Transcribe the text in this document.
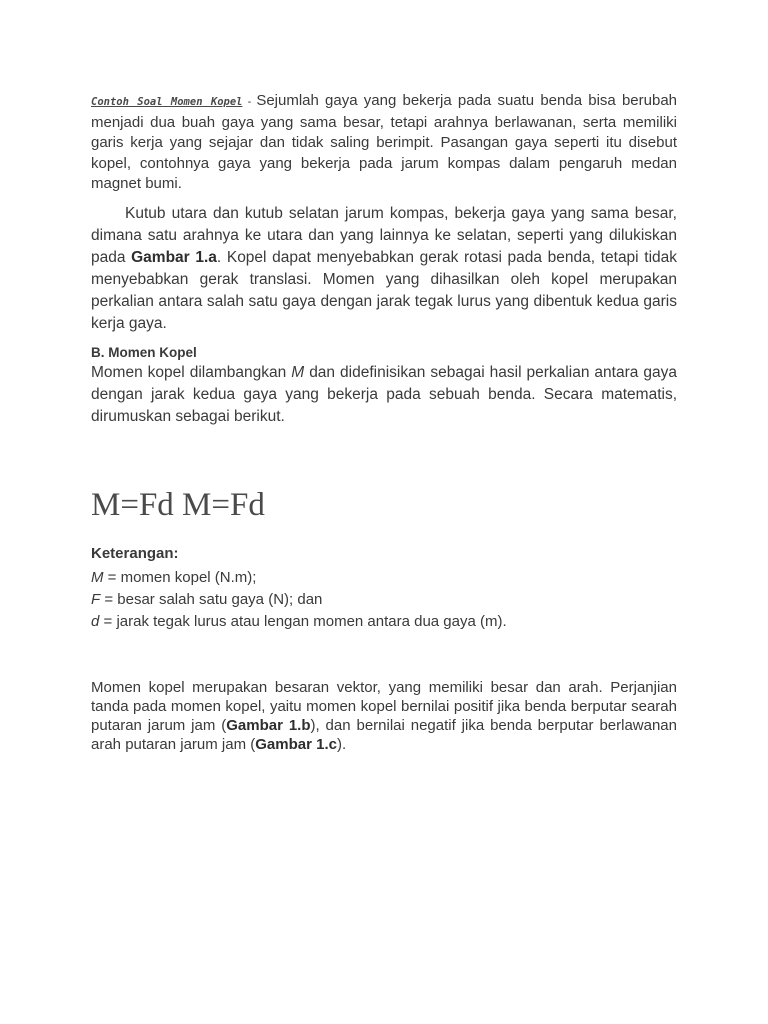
Contoh Soal Momen Kopel - Sejumlah gaya yang bekerja pada suatu benda bisa berubah menjadi dua buah gaya yang sama besar, tetapi arahnya berlawanan, serta memiliki garis kerja yang sejajar dan tidak saling berimpit. Pasangan gaya seperti itu disebut kopel, contohnya gaya yang bekerja pada jarum kompas dalam pengaruh medan magnet bumi.

Kutub utara dan kutub selatan jarum kompas, bekerja gaya yang sama besar, dimana satu arahnya ke utara dan yang lainnya ke selatan, seperti yang dilukiskan pada Gambar 1.a. Kopel dapat menyebabkan gerak rotasi pada benda, tetapi tidak menyebabkan gerak translasi. Momen yang dihasilkan oleh kopel merupakan perkalian antara salah satu gaya dengan jarak tegak lurus yang dibentuk kedua garis kerja gaya.

B. Momen Kopel

Momen kopel dilambangkan M dan didefinisikan sebagai hasil perkalian antara gaya dengan jarak kedua gaya yang bekerja pada sebuah benda. Secara matematis, dirumuskan sebagai berikut.

M=Fd M=Fd
Keterangan:
M = momen kopel (N.m);
F = besar salah satu gaya (N); dan
d = jarak tegak lurus atau lengan momen antara dua gaya (m).

Momen kopel merupakan besaran vektor, yang memiliki besar dan arah. Perjanjian tanda pada momen kopel, yaitu momen kopel bernilai positif jika benda berputar searah putaran jarum jam (Gambar 1.b), dan bernilai negatif jika benda berputar berlawanan arah putaran jarum jam (Gambar 1.c).
